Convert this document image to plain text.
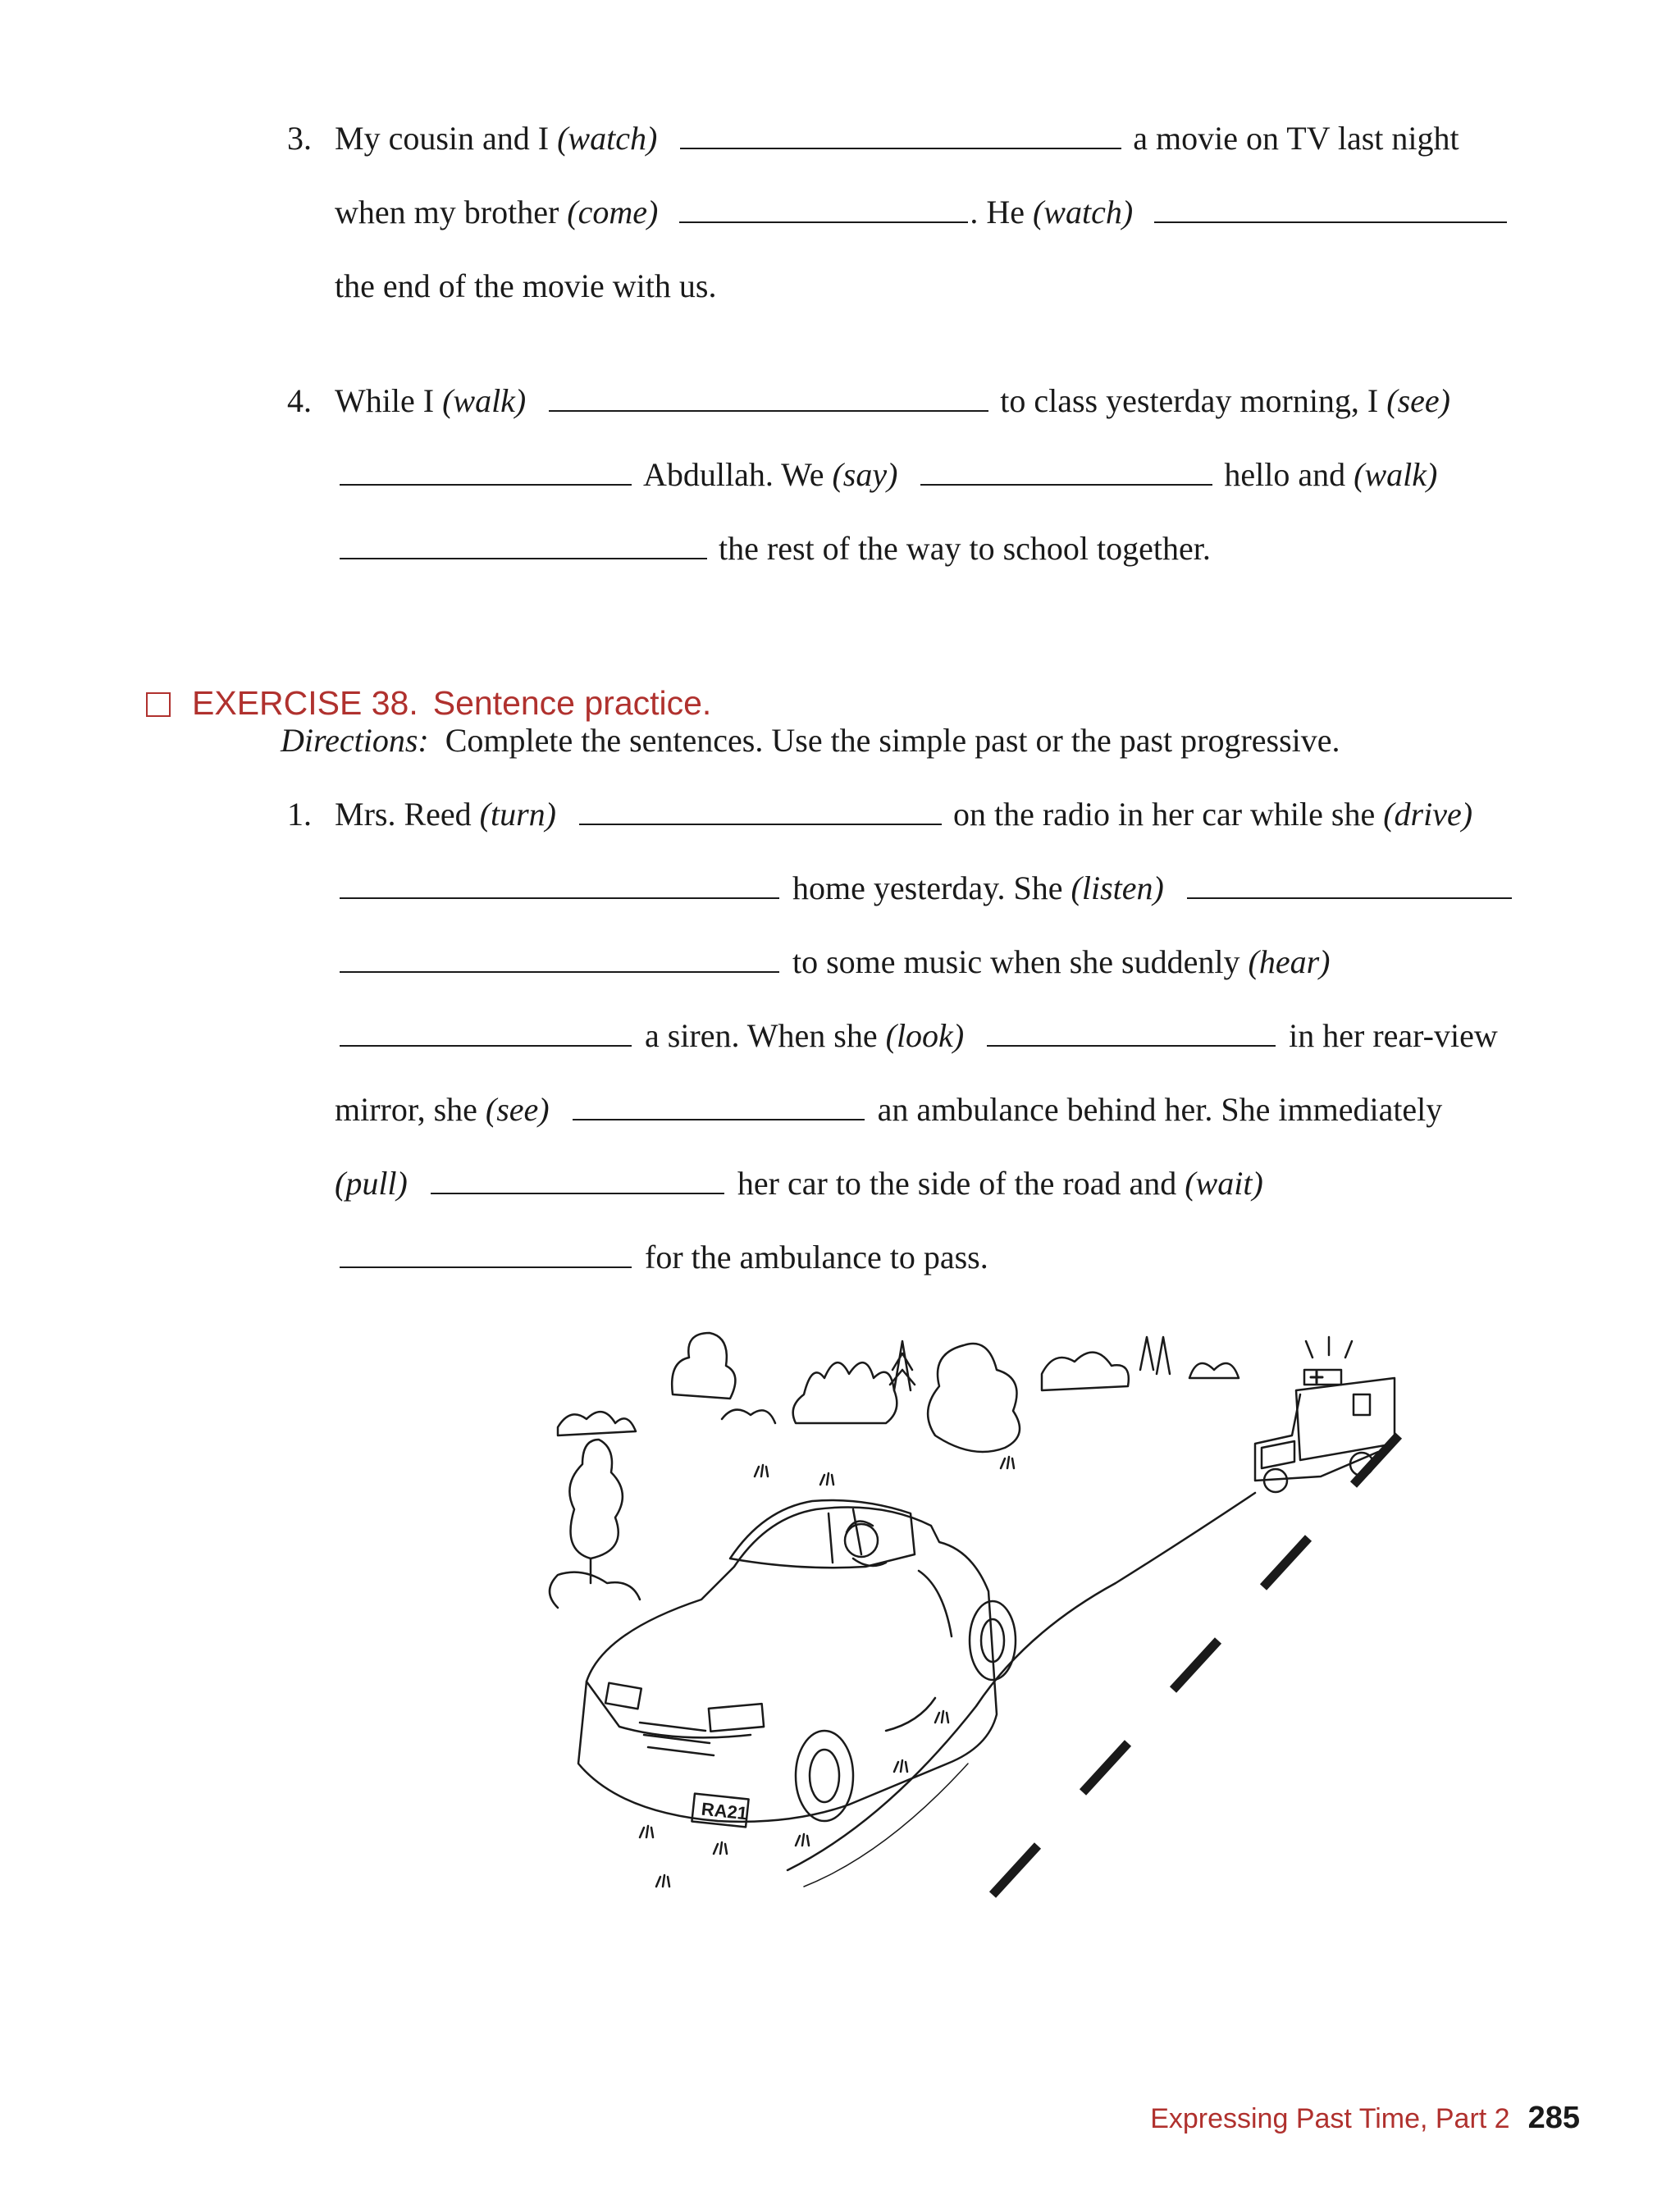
3. My cousin and I (watch)	a movie on TV last night
when my brother (come)	. He (watch)
the end of the movie with us.
4. While I (walk)	to class yesterday morning, I (see)
Abdullah. We (say)	hello and (walk)
the rest of the way to school together.
EXERCISE 38. Sentence practice.
Directions: Complete the sentences. Use the simple past or the past progressive.
1. Mrs. Reed (turn)	on the radio in her car while she (drive)
home yesterday. She (listen)
to some music when she suddenly (hear)
a siren. When she (look)	in her rear-view
mirror, she (see)	an ambulance behind her. She immediately
(pull)	her car to the side of the road and (wait)
for the ambulance to pass.
RA21
Expressing Past Time, Part 2 285
